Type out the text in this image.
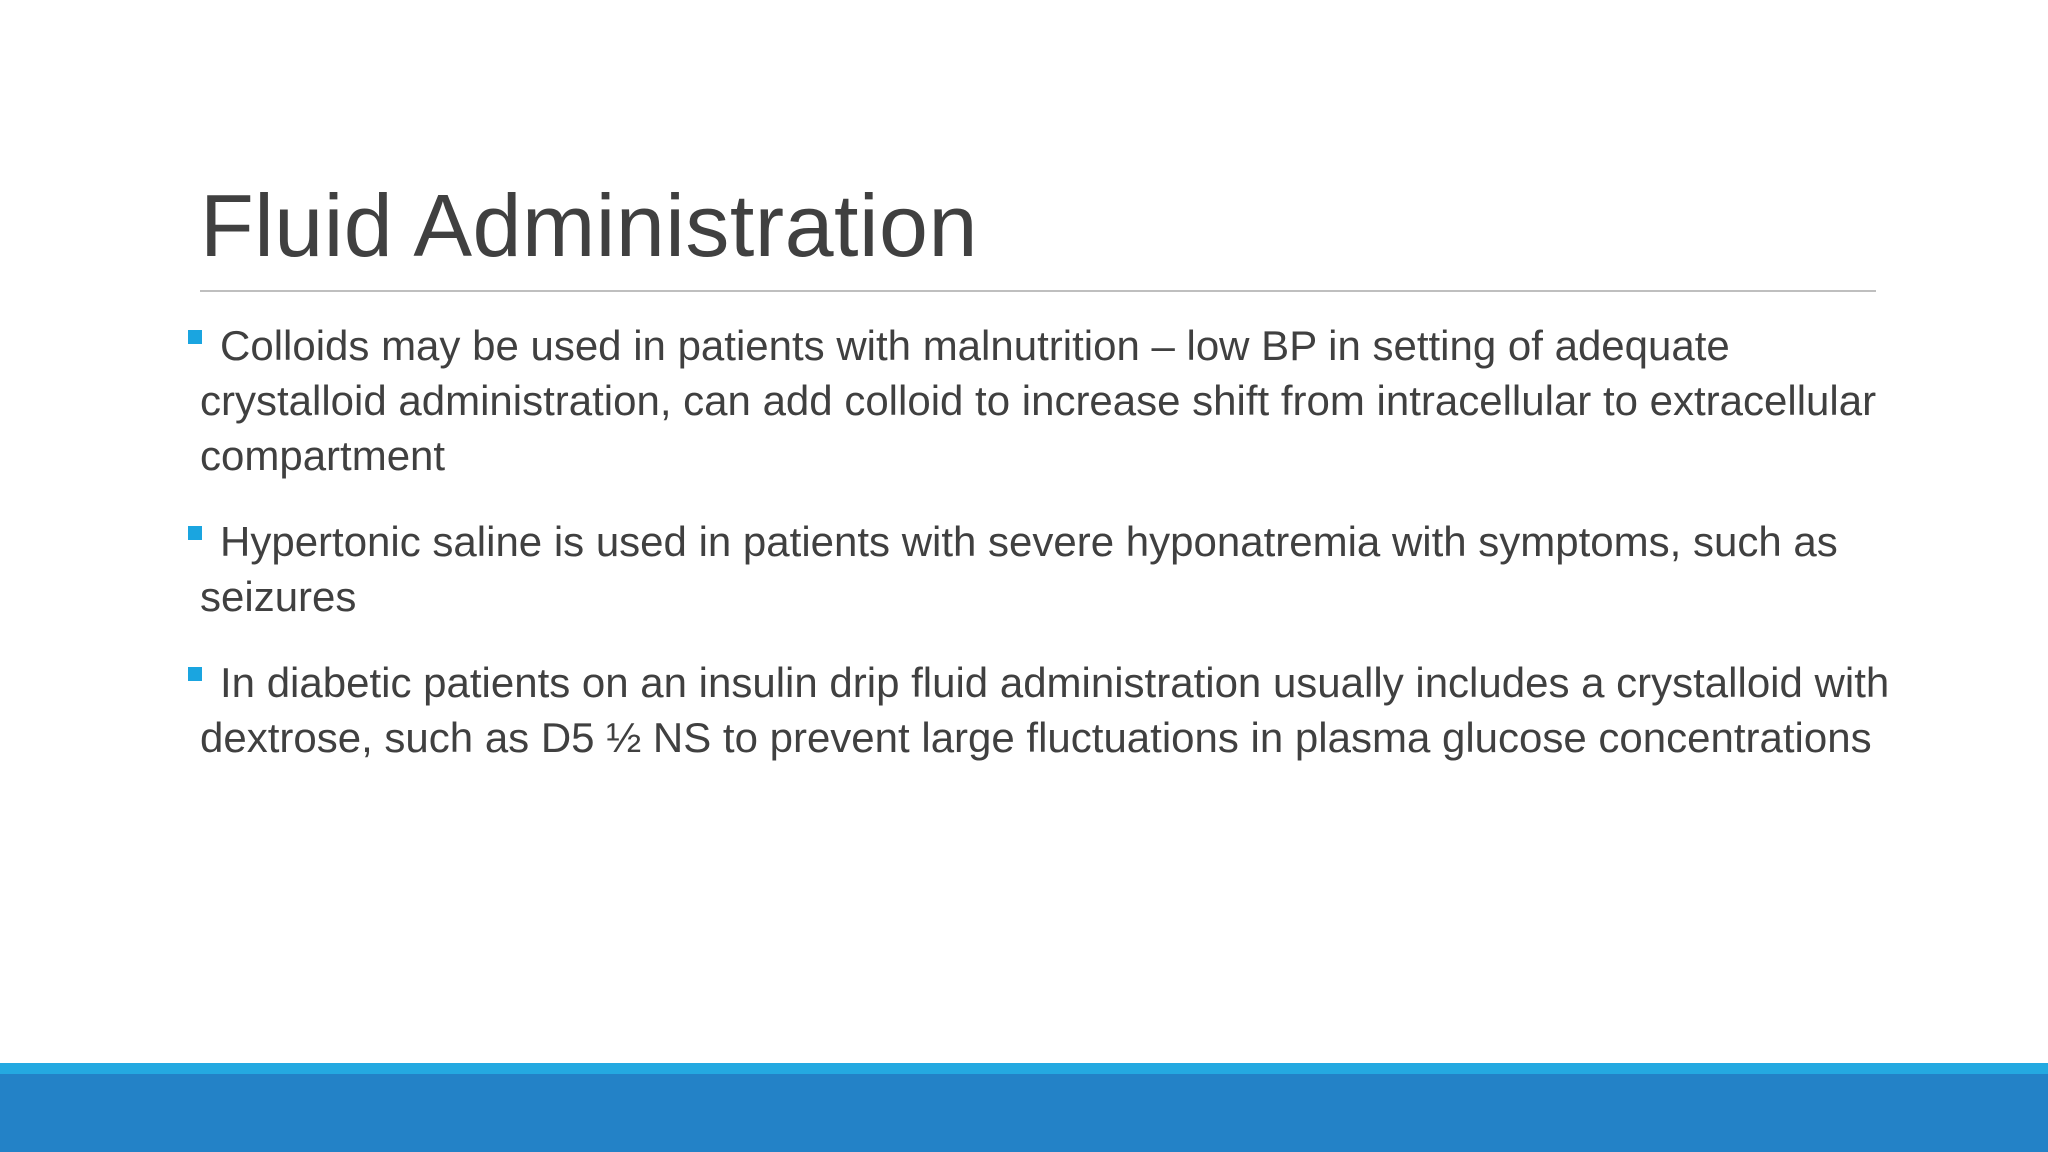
Fluid Administration
Colloids may be used in patients with malnutrition – low BP in setting of adequate crystalloid administration, can add colloid to increase shift from intracellular to extracellular compartment
Hypertonic saline is used in patients with severe hyponatremia with symptoms, such as seizures
In diabetic patients on an insulin drip fluid administration usually includes a crystalloid with dextrose, such as D5 ½ NS to prevent large fluctuations in plasma glucose concentrations
